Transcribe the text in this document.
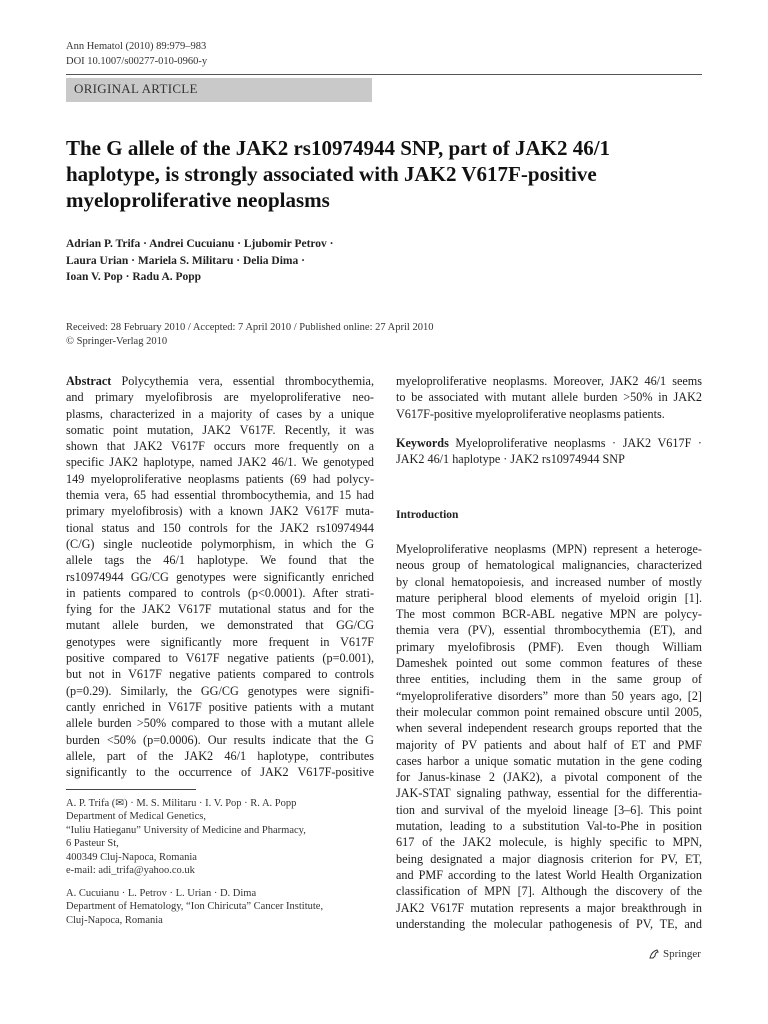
Ann Hematol (2010) 89:979–983
DOI 10.1007/s00277-010-0960-y
ORIGINAL ARTICLE
The G allele of the JAK2 rs10974944 SNP, part of JAK2 46/1
haplotype, is strongly associated with JAK2 V617F-positive
myeloproliferative neoplasms
Adrian P. Trifa · Andrei Cucuianu · Ljubomir Petrov ·
Laura Urian · Mariela S. Militaru · Delia Dima ·
Ioan V. Pop · Radu A. Popp
Received: 28 February 2010 / Accepted: 7 April 2010 / Published online: 27 April 2010
© Springer-Verlag 2010
Abstract Polycythemia vera, essential thrombocythemia,
and primary myelofibrosis are myeloproliferative neo-
plasms, characterized in a majority of cases by a unique
somatic point mutation, JAK2 V617F. Recently, it was
shown that JAK2 V617F occurs more frequently on a
specific JAK2 haplotype, named JAK2 46/1. We genotyped
149 myeloproliferative neoplasms patients (69 had polycy-
themia vera, 65 had essential thrombocythemia, and 15 had
primary myelofibrosis) with a known JAK2 V617F muta-
tional status and 150 controls for the JAK2 rs10974944
(C/G) single nucleotide polymorphism, in which the G
allele tags the 46/1 haplotype. We found that the
rs10974944 GG/CG genotypes were significantly enriched
in patients compared to controls (p<0.0001). After strati-
fying for the JAK2 V617F mutational status and for the
mutant allele burden, we demonstrated that GG/CG
genotypes were significantly more frequent in V617F
positive compared to V617F negative patients (p=0.001),
but not in V617F negative patients compared to controls
(p=0.29). Similarly, the GG/CG genotypes were signifi-
cantly enriched in V617F positive patients with a mutant
allele burden >50% compared to those with a mutant allele
burden <50% (p=0.0006). Our results indicate that the G
allele, part of the JAK2 46/1 haplotype, contributes
significantly to the occurrence of JAK2 V617F-positive
myeloproliferative neoplasms. Moreover, JAK2 46/1 seems
to be associated with mutant allele burden >50% in JAK2
V617F-positive myeloproliferative neoplasms patients.
Keywords Myeloproliferative neoplasms · JAK2 V617F ·
JAK2 46/1 haplotype · JAK2 rs10974944 SNP
Introduction
Myeloproliferative neoplasms (MPN) represent a heteroge-
neous group of hematological malignancies, characterized
by clonal hematopoiesis, and increased number of mostly
mature peripheral blood elements of myeloid origin [1].
The most common BCR-ABL negative MPN are polycy-
themia vera (PV), essential thrombocythemia (ET), and
primary myelofibrosis (PMF). Even though William
Dameshek pointed out some common features of these
three entities, including them in the same group of
“myeloproliferative disorders” more than 50 years ago, [2]
their molecular common point remained obscure until 2005,
when several independent research groups reported that the
majority of PV patients and about half of ET and PMF
cases harbor a unique somatic mutation in the gene coding
for Janus-kinase 2 (JAK2), a pivotal component of the
JAK-STAT signaling pathway, essential for the differentia-
tion and survival of the myeloid lineage [3–6]. This point
mutation, leading to a substitution Val-to-Phe in position
617 of the JAK2 molecule, is highly specific to MPN,
being designated a major diagnosis criterion for PV, ET,
and PMF according to the latest World Health Organization
classification of MPN [7]. Although the discovery of the
JAK2 V617F mutation represents a major breakthrough in
understanding the molecular pathogenesis of PV, TE, and
A. P. Trifa (✉) · M. S. Militaru · I. V. Pop · R. A. Popp
Department of Medical Genetics,
“Iuliu Hatieganu” University of Medicine and Pharmacy,
6 Pasteur St,
400349 Cluj-Napoca, Romania
e-mail: adi_trifa@yahoo.co.uk
A. Cucuianu · L. Petrov · L. Urian · D. Dima
Department of Hematology, “Ion Chiricuta” Cancer Institute,
Cluj-Napoca, Romania
Springer
